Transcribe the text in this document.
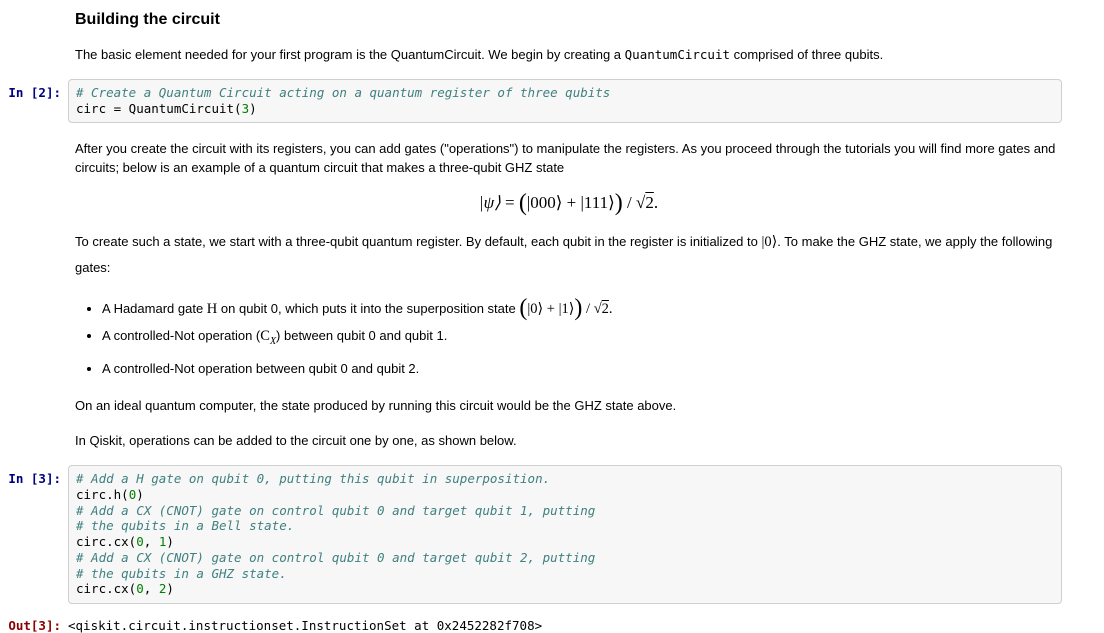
Building the circuit

The basic element needed for your first program is the QuantumCircuit. We begin by creating a QuantumCircuit comprised of three qubits.

In [2]:	# Create a Quantum Circuit acting on a quantum register of three qubits
circ = QuantumCircuit(3)

After you create the circuit with its registers, you can add gates ("operations") to manipulate the registers. As you proceed through the tutorials you will find more gates and circuits; below is an example of a quantum circuit that makes a three-qubit GHZ state

|ψ⟩ = (|000⟩ + |111⟩) / √2.

To create such a state, we start with a three-qubit quantum register. By default, each qubit in the register is initialized to |0⟩. To make the GHZ state, we apply the following gates:

• A Hadamard gate H on qubit 0, which puts it into the superposition state (|0⟩ + |1⟩) / √2.
• A controlled-Not operation $(C_X)$ between qubit 0 and qubit 1.
• A controlled-Not operation between qubit 0 and qubit 2.

On an ideal quantum computer, the state produced by running this circuit would be the GHZ state above.

In Qiskit, operations can be added to the circuit one by one, as shown below.

In [3]:	# Add a H gate on qubit 0, putting this qubit in superposition.
circ.h(0)
# Add a CX (CNOT) gate on control qubit 0 and target qubit 1, putting
# the qubits in a Bell state.
circ.cx(0, 1)
# Add a CX (CNOT) gate on control qubit 0 and target qubit 2, putting
# the qubits in a GHZ state.
circ.cx(0, 2)
Out[3]: <qiskit.circuit.instructionset.InstructionSet at 0x2452282f708>
